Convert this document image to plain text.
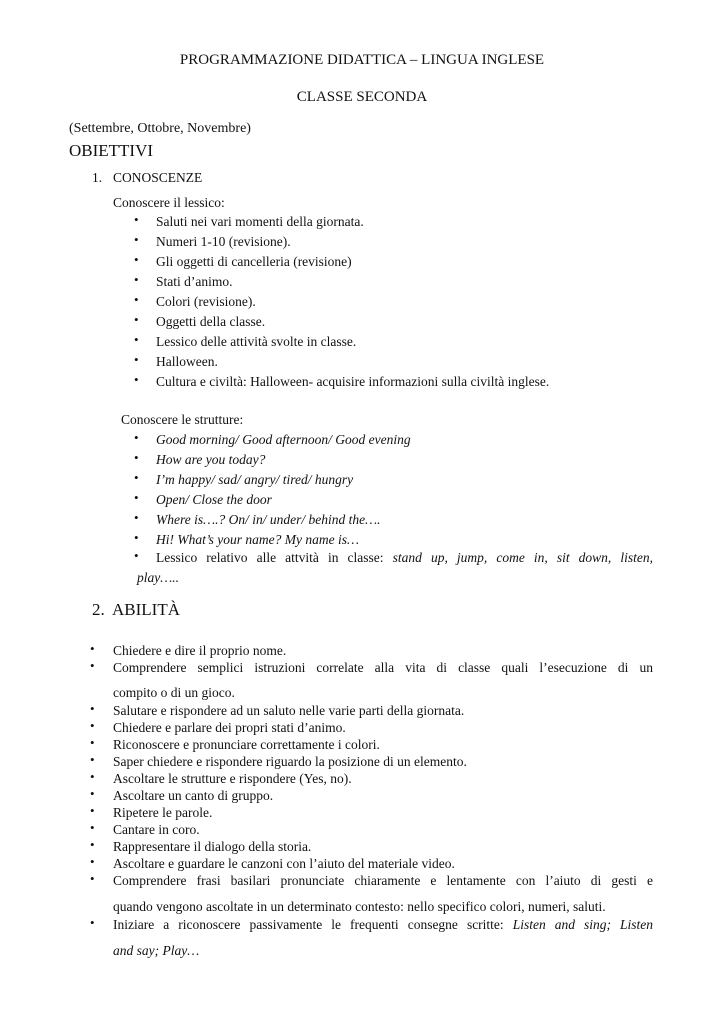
PROGRAMMAZIONE DIDATTICA – LINGUA INGLESE
CLASSE SECONDA
(Settembre, Ottobre, Novembre)
OBIETTIVI
1. CONOSCENZE
Conoscere il lessico:
• Saluti nei vari momenti della giornata.
• Numeri 1-10 (revisione).
• Gli oggetti di cancelleria (revisione)
• Stati d’animo.
• Colori (revisione).
• Oggetti della classe.
• Lessico delle attività svolte in classe.
• Halloween.
• Cultura e civiltà: Halloween- acquisire informazioni sulla civiltà inglese.
Conoscere le strutture:
• Good morning/ Good afternoon/ Good evening
• How are you today?
• I’m happy/ sad/ angry/ tired/ hungry
• Open/ Close the door
• Where is….? On/ in/ under/ behind the….
• Hi! What’s your name? My name is…
• Lessico relativo alle attvità in classe: stand up, jump, come in, sit down, listen,
play…..
2. ABILITÀ
• Chiedere e dire il proprio nome.
• Comprendere semplici istruzioni correlate alla vita di classe quali l’esecuzione di un
compito o di un gioco.
• Salutare e rispondere ad un saluto nelle varie parti della giornata.
• Chiedere e parlare dei propri stati d’animo.
• Riconoscere e pronunciare correttamente i colori.
• Saper chiedere e rispondere riguardo la posizione di un elemento.
• Ascoltare le strutture e rispondere (Yes, no).
• Ascoltare un canto di gruppo.
• Ripetere le parole.
• Cantare in coro.
• Rappresentare il dialogo della storia.
• Ascoltare e guardare le canzoni con l’aiuto del materiale video.
• Comprendere frasi basilari pronunciate chiaramente e lentamente con l’aiuto di gesti e
quando vengono ascoltate in un determinato contesto: nello specifico colori, numeri, saluti.
• Iniziare a riconoscere passivamente le frequenti consegne scritte: Listen and sing; Listen
and say; Play…
